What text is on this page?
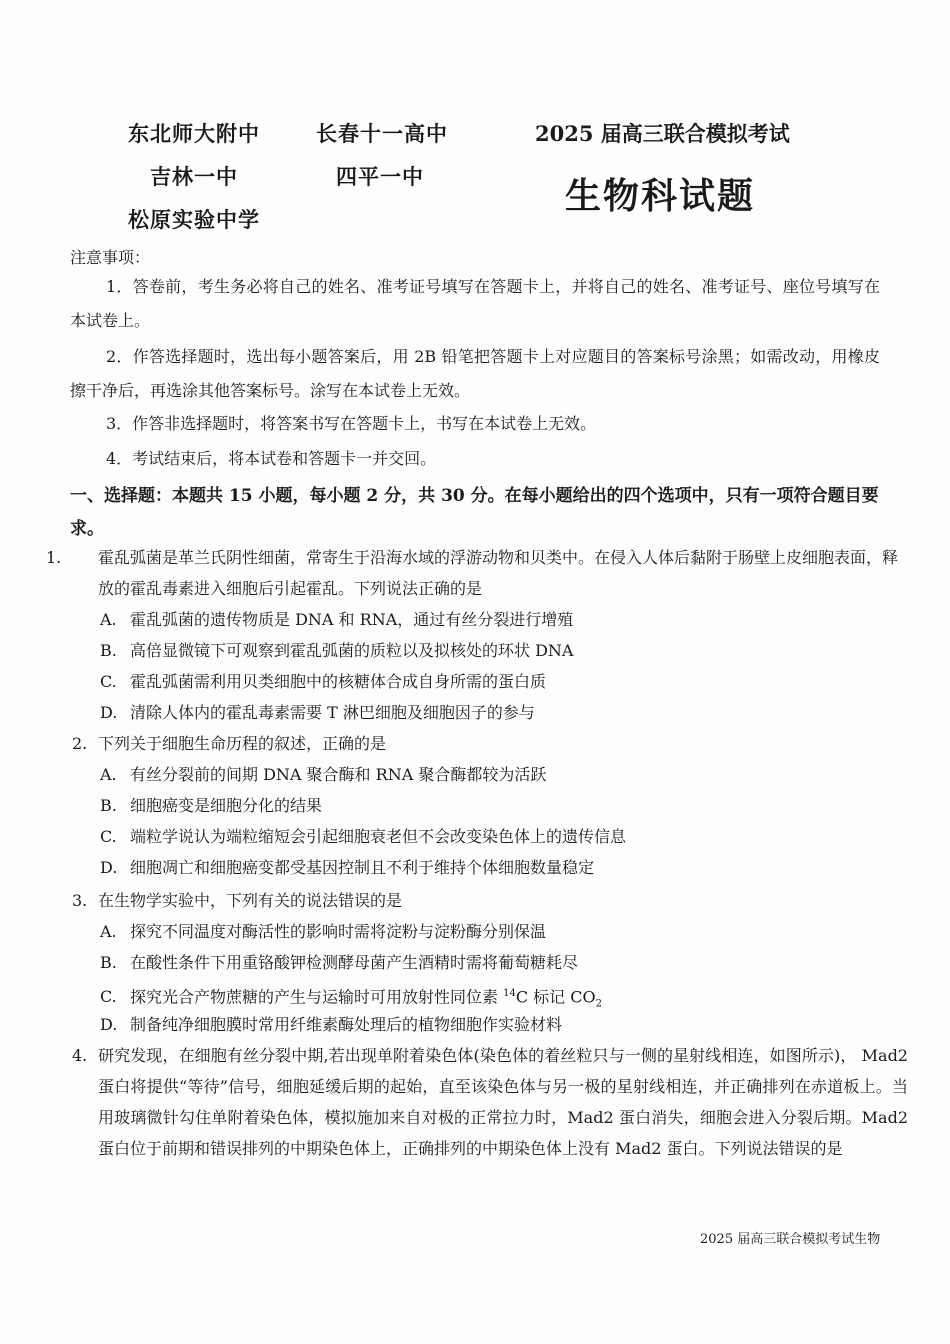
东北师大附中	长春十一高中
吉林一中	四平一中
松原实验中学
2025 届高三联合模拟考试
生物科试题
注意事项：
1．答卷前，考生务必将自己的姓名、准考证号填写在答题卡上，并将自己的姓名、准考证号、座位号填写在本试卷上。
2．作答选择题时，选出每小题答案后，用 2B 铅笔把答题卡上对应题目的答案标号涂黑；如需改动，用橡皮擦干净后，再选涂其他答案标号。涂写在本试卷上无效。
3．作答非选择题时，将答案书写在答题卡上，书写在本试卷上无效。
4．考试结束后，将本试卷和答题卡一并交回。
一、选择题：本题共 15 小题，每小题 2 分，共 30 分。在每小题给出的四个选项中，只有一项符合题目要求。
1. 霍乱弧菌是革兰氏阴性细菌，常寄生于沿海水域的浮游动物和贝类中。在侵入人体后黏附于肠壁上皮细胞表面，释放的霍乱毒素进入细胞后引起霍乱。下列说法正确的是
A. 霍乱弧菌的遗传物质是 DNA 和 RNA，通过有丝分裂进行增殖
B. 高倍显微镜下可观察到霍乱弧菌的质粒以及拟核处的环状 DNA
C. 霍乱弧菌需利用贝类细胞中的核糖体合成自身所需的蛋白质
D. 清除人体内的霍乱毒素需要 T 淋巴细胞及细胞因子的参与
2. 下列关于细胞生命历程的叙述，正确的是
A. 有丝分裂前的间期 DNA 聚合酶和 RNA 聚合酶都较为活跃
B. 细胞癌变是细胞分化的结果
C. 端粒学说认为端粒缩短会引起细胞衰老但不会改变染色体上的遗传信息
D. 细胞凋亡和细胞癌变都受基因控制且不利于维持个体细胞数量稳定
3. 在生物学实验中，下列有关的说法错误的是
A. 探究不同温度对酶活性的影响时需将淀粉与淀粉酶分别保温
B. 在酸性条件下用重铬酸钾检测酵母菌产生酒精时需将葡萄糖耗尽
C. 探究光合产物蔗糖的产生与运输时可用放射性同位素 $^{14}$C 标记 $CO_2$
D. 制备纯净细胞膜时常用纤维素酶处理后的植物细胞作实验材料
4. 研究发现，在细胞有丝分裂中期,若出现单附着染色体(染色体的着丝粒只与一侧的星射线相连，如图所示)， Mad2 蛋白将提供“等待”信号，细胞延缓后期的起始，直至该染色体与另一极的星射线相连，并正确排列在赤道板上。当用玻璃微针勾住单附着染色体，模拟施加来自对极的正常拉力时，Mad2 蛋白消失，细胞会进入分裂后期。Mad2 蛋白位于前期和错误排列的中期染色体上，正确排列的中期染色体上没有 Mad2 蛋白。下列说法错误的是
2025 届高三联合模拟考试生物
